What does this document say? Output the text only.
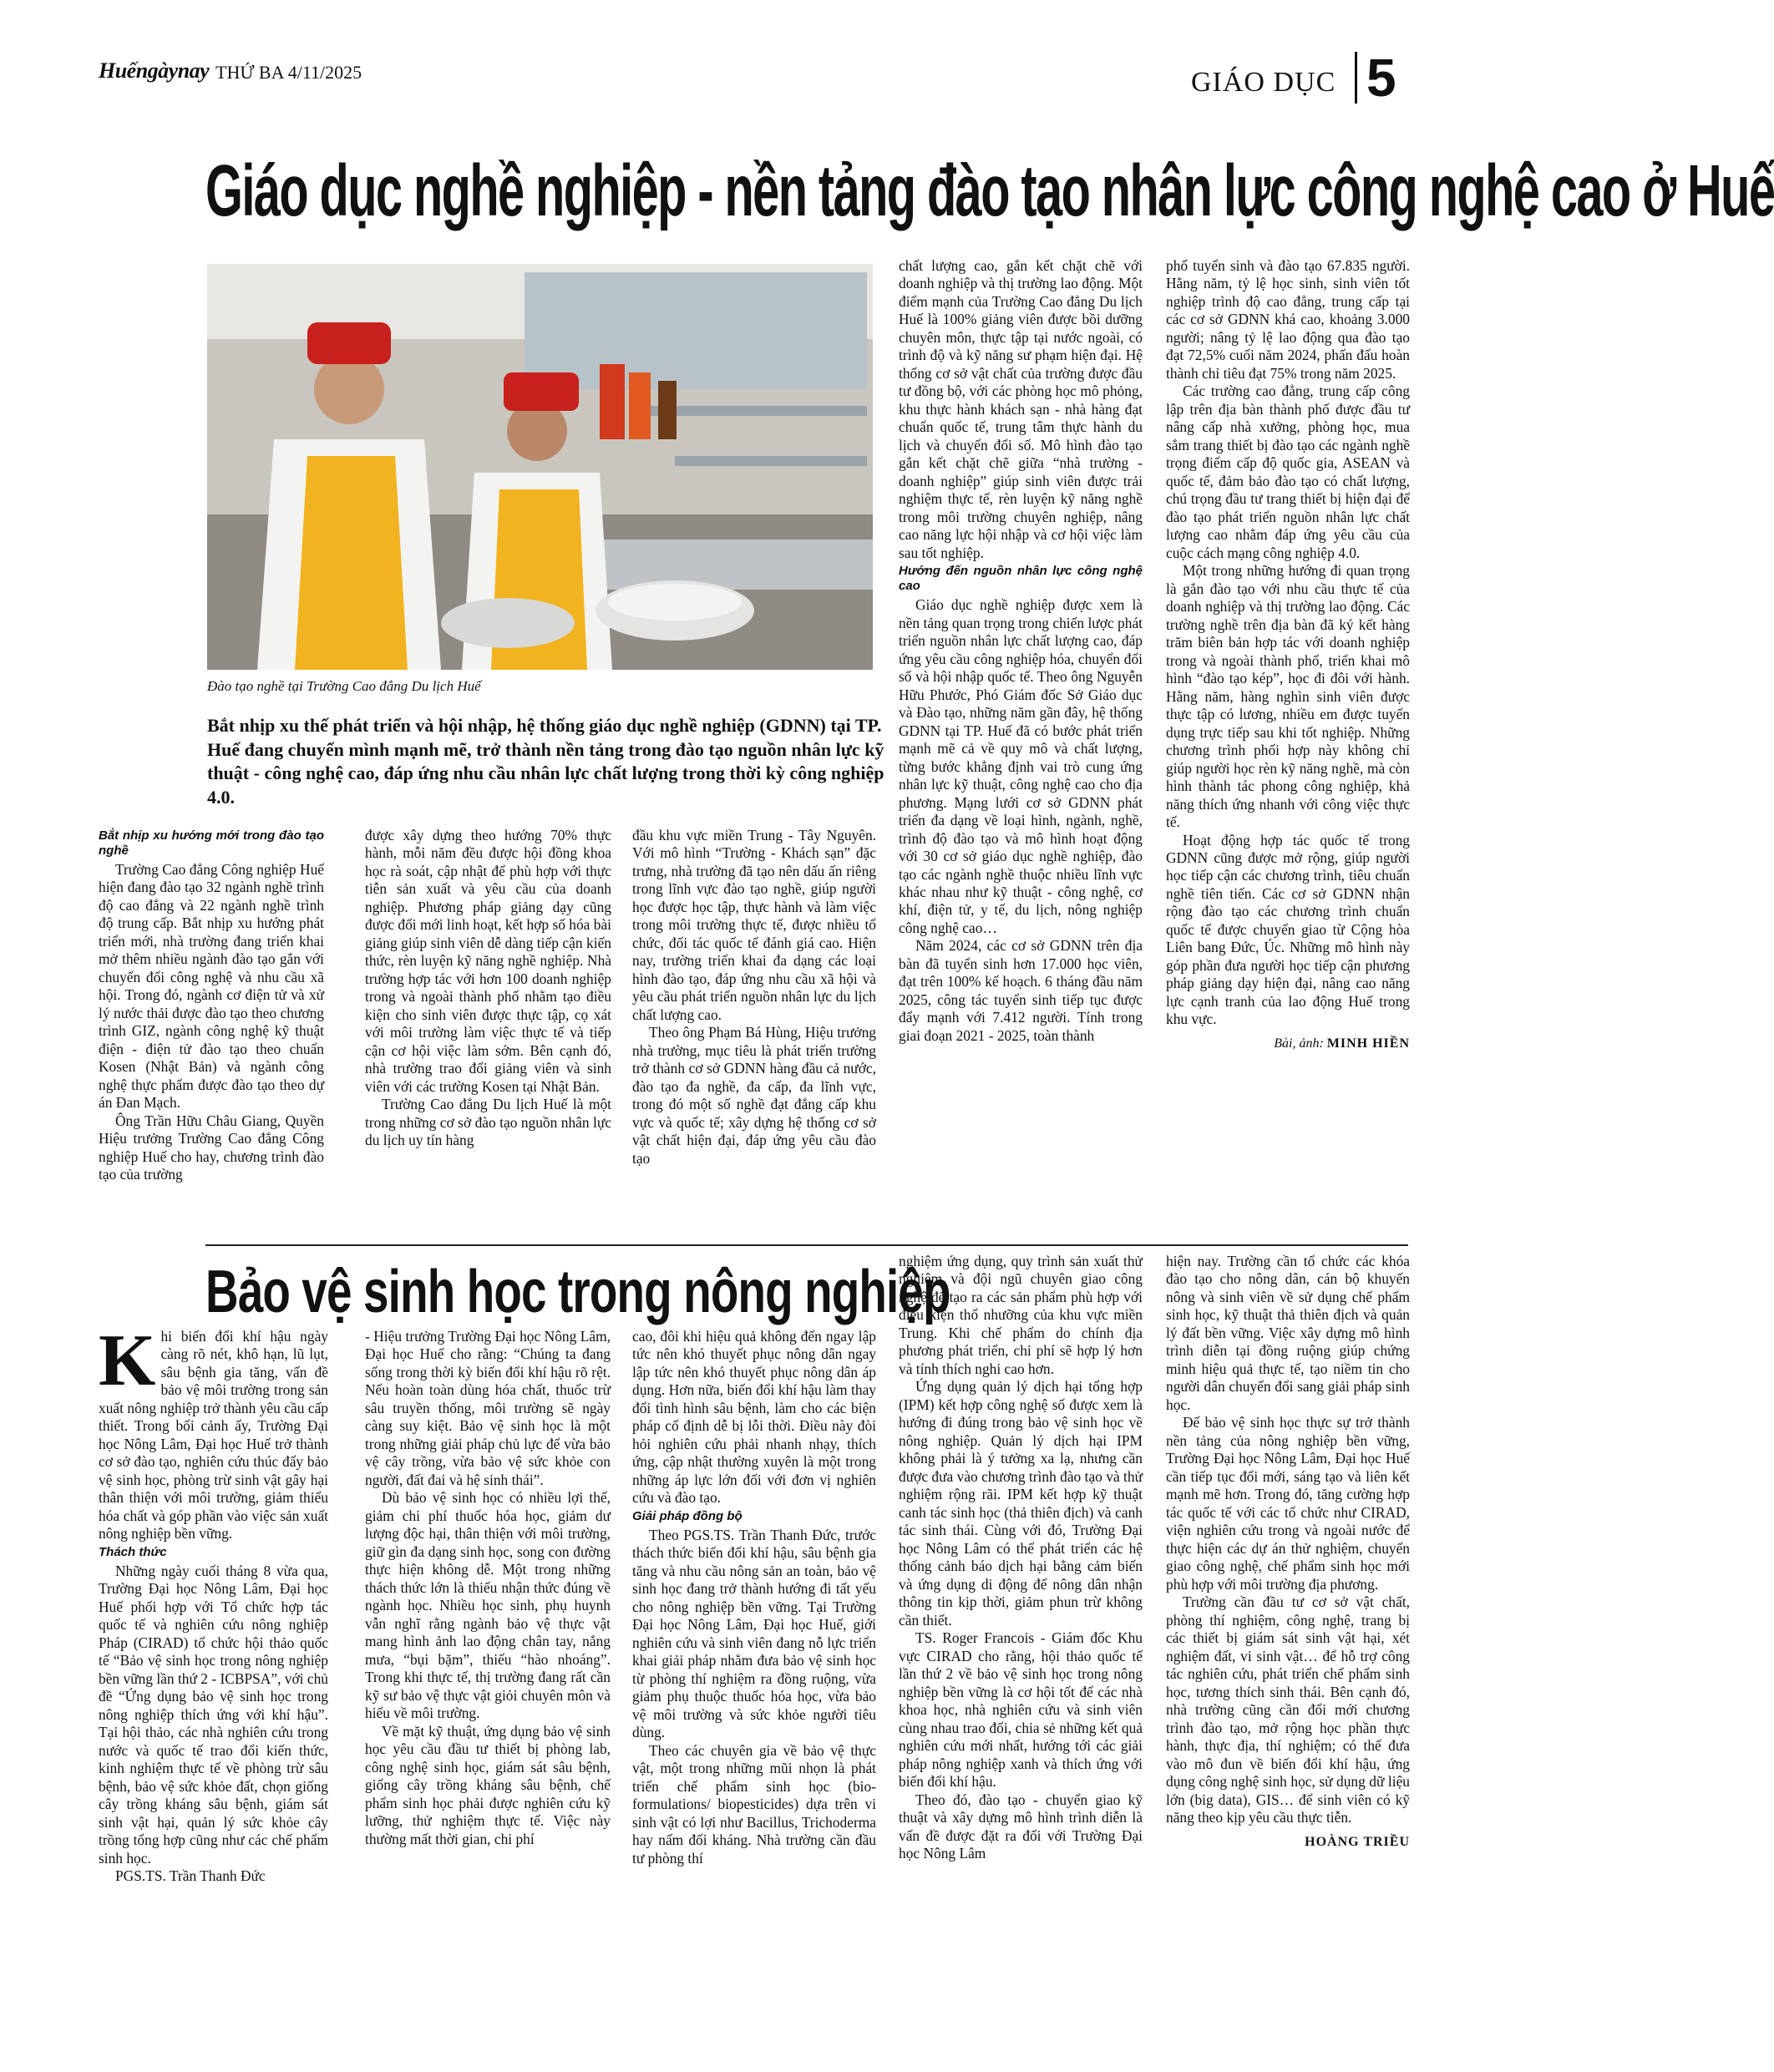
Huếngàynay THỨ BA 4/11/2025	GIÁO DỤC 5
Giáo dục nghề nghiệp - nền tảng đào tạo nhân lực công nghệ cao ở Huế
Đào tạo nghề tại Trường Cao đẳng Du lịch Huế
Bắt nhịp xu thế phát triển và hội nhập, hệ thống giáo dục nghề nghiệp (GDNN) tại TP. Huế đang chuyển mình mạnh mẽ, trở thành nền tảng trong đào tạo nguồn nhân lực kỹ thuật - công nghệ cao, đáp ứng nhu cầu nhân lực chất lượng trong thời kỳ công nghiệp 4.0.
Bắt nhịp xu hướng mới trong đào tạo nghề

Trường Cao đẳng Công nghiệp Huế hiện đang đào tạo 32 ngành nghề trình độ cao đẳng và 22 ngành nghề trình độ trung cấp. Bắt nhịp xu hướng phát triển mới, nhà trường đang triển khai mở thêm nhiều ngành đào tạo gắn với chuyển đổi công nghệ và nhu cầu xã hội. Trong đó, ngành cơ điện tử và xử lý nước thải được đào tạo theo chương trình GIZ, ngành công nghệ kỹ thuật điện - điện tử đào tạo theo chuẩn Kosen (Nhật Bản) và ngành công nghệ thực phẩm được đào tạo theo dự án Đan Mạch.

Ông Trần Hữu Châu Giang, Quyền Hiệu trưởng Trường Cao đẳng Công nghiệp Huế cho hay, chương trình đào tạo của trường

được xây dựng theo hướng 70% thực hành, mỗi năm đều được hội đồng khoa học rà soát, cập nhật để phù hợp với thực tiễn sản xuất và yêu cầu của doanh nghiệp. Phương pháp giảng dạy cũng được đổi mới linh hoạt, kết hợp số hóa bài giảng giúp sinh viên dễ dàng tiếp cận kiến thức, rèn luyện kỹ năng nghề nghiệp. Nhà trường hợp tác với hơn 100 doanh nghiệp trong và ngoài thành phố nhằm tạo điều kiện cho sinh viên được thực tập, cọ xát với môi trường làm việc thực tế và tiếp cận cơ hội việc làm sớm. Bên cạnh đó, nhà trường trao đổi giảng viên và sinh viên với các trường Kosen tại Nhật Bản.

Trường Cao đẳng Du lịch Huế là một trong những cơ sở đào tạo nguồn nhân lực du lịch uy tín hàng

đầu khu vực miền Trung - Tây Nguyên. Với mô hình “Trường - Khách sạn” đặc trưng, nhà trường đã tạo nên dấu ấn riêng trong lĩnh vực đào tạo nghề, giúp người học được học tập, thực hành và làm việc trong môi trường thực tế, được nhiều tổ chức, đối tác quốc tế đánh giá cao. Hiện nay, trường triển khai đa dạng các loại hình đào tạo, đáp ứng nhu cầu xã hội và yêu cầu phát triển nguồn nhân lực du lịch chất lượng cao.

Theo ông Phạm Bá Hùng, Hiệu trưởng nhà trường, mục tiêu là phát triển trường trở thành cơ sở GDNN hàng đầu cả nước, đào tạo đa nghề, đa cấp, đa lĩnh vực, trong đó một số nghề đạt đẳng cấp khu vực và quốc tế; xây dựng hệ thống cơ sở vật chất hiện đại, đáp ứng yêu cầu đào tạo

chất lượng cao, gắn kết chặt chẽ với doanh nghiệp và thị trường lao động. Một điểm mạnh của Trường Cao đẳng Du lịch Huế là 100% giảng viên được bồi dưỡng chuyên môn, thực tập tại nước ngoài, có trình độ và kỹ năng sư phạm hiện đại. Hệ thống cơ sở vật chất của trường được đầu tư đồng bộ, với các phòng học mô phỏng, khu thực hành khách sạn - nhà hàng đạt chuẩn quốc tế, trung tâm thực hành du lịch và chuyển đổi số. Mô hình đào tạo gắn kết chặt chẽ giữa “nhà trường - doanh nghiệp” giúp sinh viên được trải nghiệm thực tế, rèn luyện kỹ năng nghề trong môi trường chuyên nghiệp, nâng cao năng lực hội nhập và cơ hội việc làm sau tốt nghiệp.

Hướng đến nguồn nhân lực công nghệ cao

Giáo dục nghề nghiệp được xem là nền tảng quan trọng trong chiến lược phát triển nguồn nhân lực chất lượng cao, đáp ứng yêu cầu công nghiệp hóa, chuyển đổi số và hội nhập quốc tế. Theo ông Nguyễn Hữu Phước, Phó Giám đốc Sở Giáo dục và Đào tạo, những năm gần đây, hệ thống GDNN tại TP. Huế đã có bước phát triển mạnh mẽ cả về quy mô và chất lượng, từng bước khẳng định vai trò cung ứng nhân lực kỹ thuật, công nghệ cao cho địa phương. Mạng lưới cơ sở GDNN phát triển đa dạng về loại hình, ngành, nghề, trình độ đào tạo và mô hình hoạt động với 30 cơ sở giáo dục nghề nghiệp, đào tạo các ngành nghề thuộc nhiều lĩnh vực khác nhau như kỹ thuật - công nghệ, cơ khí, điện tử, y tế, du lịch, nông nghiệp công nghệ cao…

Năm 2024, các cơ sở GDNN trên địa bàn đã tuyển sinh hơn 17.000 học viên, đạt trên 100% kế hoạch. 6 tháng đầu năm 2025, công tác tuyển sinh tiếp tục được đẩy mạnh với 7.412 người. Tính trong giai đoạn 2021 - 2025, toàn thành

phố tuyển sinh và đào tạo 67.835 người. Hằng năm, tỷ lệ học sinh, sinh viên tốt nghiệp trình độ cao đẳng, trung cấp tại các cơ sở GDNN khá cao, khoảng 3.000 người; nâng tỷ lệ lao động qua đào tạo đạt 72,5% cuối năm 2024, phấn đấu hoàn thành chỉ tiêu đạt 75% trong năm 2025.

Các trường cao đẳng, trung cấp công lập trên địa bàn thành phố được đầu tư nâng cấp nhà xưởng, phòng học, mua sắm trang thiết bị đào tạo các ngành nghề trọng điểm cấp độ quốc gia, ASEAN và quốc tế, đảm bảo đào tạo có chất lượng, chú trọng đầu tư trang thiết bị hiện đại để đào tạo phát triển nguồn nhân lực chất lượng cao nhằm đáp ứng yêu cầu của cuộc cách mạng công nghiệp 4.0.

Một trong những hướng đi quan trọng là gắn đào tạo với nhu cầu thực tế của doanh nghiệp và thị trường lao động. Các trường nghề trên địa bàn đã ký kết hàng trăm biên bản hợp tác với doanh nghiệp trong và ngoài thành phố, triển khai mô hình “đào tạo kép”, học đi đôi với hành. Hằng năm, hàng nghìn sinh viên được thực tập có lương, nhiều em được tuyển dụng trực tiếp sau khi tốt nghiệp. Những chương trình phối hợp này không chỉ giúp người học rèn kỹ năng nghề, mà còn hình thành tác phong công nghiệp, khả năng thích ứng nhanh với công việc thực tế.

Hoạt động hợp tác quốc tế trong GDNN cũng được mở rộng, giúp người học tiếp cận các chương trình, tiêu chuẩn nghề tiên tiến. Các cơ sở GDNN nhận rộng đào tạo các chương trình chuẩn quốc tế được chuyển giao từ Cộng hòa Liên bang Đức, Úc. Những mô hình này góp phần đưa người học tiếp cận phương pháp giảng dạy hiện đại, nâng cao năng lực cạnh tranh của lao động Huế trong khu vực.

Bài, ảnh: MINH HIỀN
Bảo vệ sinh học trong nông nghiệp

Khi biến đổi khí hậu ngày càng rõ nét, khô hạn, lũ lụt, sâu bệnh gia tăng, vấn đề bảo vệ môi trường trong sản xuất nông nghiệp trở thành yêu cầu cấp thiết. Trong bối cảnh ấy, Trường Đại học Nông Lâm, Đại học Huế trở thành cơ sở đào tạo, nghiên cứu thúc đẩy bảo vệ sinh học, phòng trừ sinh vật gây hại thân thiện với môi trường, giảm thiểu hóa chất và góp phần vào việc sản xuất nông nghiệp bền vững.

Thách thức

Những ngày cuối tháng 8 vừa qua, Trường Đại học Nông Lâm, Đại học Huế phối hợp với Tổ chức hợp tác quốc tế và nghiên cứu nông nghiệp Pháp (CIRAD) tổ chức hội thảo quốc tế “Bảo vệ sinh học trong nông nghiệp bền vững lần thứ 2 - ICBPSA”, với chủ đề “Ứng dụng bảo vệ sinh học trong nông nghiệp thích ứng với khí hậu”. Tại hội thảo, các nhà nghiên cứu trong nước và quốc tế trao đổi kiến thức, kinh nghiệm thực tế về phòng trừ sâu bệnh, bảo vệ sức khỏe đất, chọn giống cây trồng kháng sâu bệnh, giám sát sinh vật hại, quản lý sức khỏe cây trồng tổng hợp cũng như các chế phẩm sinh học.

PGS.TS. Trần Thanh Đức

- Hiệu trưởng Trường Đại học Nông Lâm, Đại học Huế cho rằng: “Chúng ta đang sống trong thời kỳ biến đổi khí hậu rõ rệt. Nếu hoàn toàn dùng hóa chất, thuốc trừ sâu truyền thống, môi trường sẽ ngày càng suy kiệt. Bảo vệ sinh học là một trong những giải pháp chủ lực để vừa bảo vệ cây trồng, vừa bảo vệ sức khỏe con người, đất đai và hệ sinh thái”.

Dù bảo vệ sinh học có nhiều lợi thế, giảm chi phí thuốc hóa học, giảm dư lượng độc hại, thân thiện với môi trường, giữ gìn đa dạng sinh học, song con đường thực hiện không dễ. Một trong những thách thức lớn là thiếu nhận thức đúng về ngành học. Nhiều học sinh, phụ huynh vẫn nghĩ rằng ngành bảo vệ thực vật mang hình ảnh lao động chân tay, nắng mưa, “bụi bặm”, thiếu “hào nhoáng”. Trong khi thực tế, thị trường đang rất cần kỹ sư bảo vệ thực vật giỏi chuyên môn và hiểu về môi trường.

Về mặt kỹ thuật, ứng dụng bảo vệ sinh học yêu cầu đầu tư thiết bị phòng lab, công nghệ sinh học, giám sát sâu bệnh, giống cây trồng kháng sâu bệnh, chế phẩm sinh học phải được nghiên cứu kỹ lưỡng, thử nghiệm thực tế. Việc này thường mất thời gian, chi phí

cao, đôi khi hiệu quả không đến ngay lập tức nên khó thuyết phục nông dân ngay lập tức nên khó thuyết phục nông dân áp dụng. Hơn nữa, biến đổi khí hậu làm thay đổi tình hình sâu bệnh, làm cho các biện pháp cố định dễ bị lỗi thời. Điều này đòi hỏi nghiên cứu phải nhanh nhạy, thích ứng, cập nhật thường xuyên là một trong những áp lực lớn đối với đơn vị nghiên cứu và đào tạo.

Giải pháp đồng bộ

Theo PGS.TS. Trần Thanh Đức, trước thách thức biến đổi khí hậu, sâu bệnh gia tăng và nhu cầu nông sản an toàn, bảo vệ sinh học đang trở thành hướng đi tất yếu cho nông nghiệp bền vững. Tại Trường Đại học Nông Lâm, Đại học Huế, giới nghiên cứu và sinh viên đang nỗ lực triển khai giải pháp nhằm đưa bảo vệ sinh học từ phòng thí nghiệm ra đồng ruộng, vừa giảm phụ thuộc thuốc hóa học, vừa bảo vệ môi trường và sức khỏe người tiêu dùng.

Theo các chuyên gia về bảo vệ thực vật, một trong những mũi nhọn là phát triển chế phẩm sinh học (bio-formulations/ biopesticides) dựa trên vi sinh vật có lợi như Bacillus, Trichoderma hay nấm đối kháng. Nhà trường cần đầu tư phòng thí

nghiệm ứng dụng, quy trình sản xuất thử nghiệm và đội ngũ chuyên giao công nghệ để tạo ra các sản phẩm phù hợp với điều kiện thổ nhưỡng của khu vực miền Trung. Khi chế phẩm do chính địa phương phát triển, chi phí sẽ hợp lý hơn và tính thích nghi cao hơn.

Ứng dụng quản lý dịch hại tổng hợp (IPM) kết hợp công nghệ số được xem là hướng đi đúng trong bảo vệ sinh học về nông nghiệp. Quản lý dịch hại IPM không phải là ý tưởng xa lạ, nhưng cần được đưa vào chương trình đào tạo và thử nghiệm rộng rãi. IPM kết hợp kỹ thuật canh tác sinh học (thả thiên địch) và canh tác sinh thái. Cùng với đó, Trường Đại học Nông Lâm có thể phát triển các hệ thống cảnh báo dịch hại bằng cảm biến và ứng dụng di động để nông dân nhận thông tin kịp thời, giảm phun trừ không cần thiết.

TS. Roger Francois - Giám đốc Khu vực CIRAD cho rằng, hội thảo quốc tế lần thứ 2 về bảo vệ sinh học trong nông nghiệp bền vững là cơ hội tốt để các nhà khoa học, nhà nghiên cứu và sinh viên cùng nhau trao đổi, chia sẻ những kết quả nghiên cứu mới nhất, hướng tới các giải pháp nông nghiệp xanh và thích ứng với biến đổi khí hậu.

Theo đó, đào tạo - chuyển giao kỹ thuật và xây dựng mô hình trình diễn là vấn đề được đặt ra đối với Trường Đại học Nông Lâm

hiện nay. Trường cần tổ chức các khóa đào tạo cho nông dân, cán bộ khuyến nông và sinh viên về sử dụng chế phẩm sinh học, kỹ thuật thả thiên địch và quản lý đất bền vững. Việc xây dựng mô hình trình diễn tại đồng ruộng giúp chứng minh hiệu quả thực tế, tạo niềm tin cho người dân chuyển đổi sang giải pháp sinh học.

Để bảo vệ sinh học thực sự trở thành nền tảng của nông nghiệp bền vững, Trường Đại học Nông Lâm, Đại học Huế cần tiếp tục đổi mới, sáng tạo và liên kết mạnh mẽ hơn. Trong đó, tăng cường hợp tác quốc tế với các tổ chức như CIRAD, viện nghiên cứu trong và ngoài nước để thực hiện các dự án thử nghiệm, chuyển giao công nghệ, chế phẩm sinh học mới phù hợp với môi trường địa phương.

Trường cần đầu tư cơ sở vật chất, phòng thí nghiệm, công nghệ, trang bị các thiết bị giám sát sinh vật hại, xét nghiệm đất, vi sinh vật… để hỗ trợ công tác nghiên cứu, phát triển chế phẩm sinh học, tương thích sinh thái. Bên cạnh đó, nhà trường cũng cần đổi mới chương trình đào tạo, mở rộng học phần thực hành, thực địa, thí nghiệm; có thể đưa vào mô đun về biến đổi khí hậu, ứng dụng công nghệ sinh học, sử dụng dữ liệu lớn (big data), GIS… để sinh viên có kỹ năng theo kịp yêu cầu thực tiễn.

HOÀNG TRIỀU
